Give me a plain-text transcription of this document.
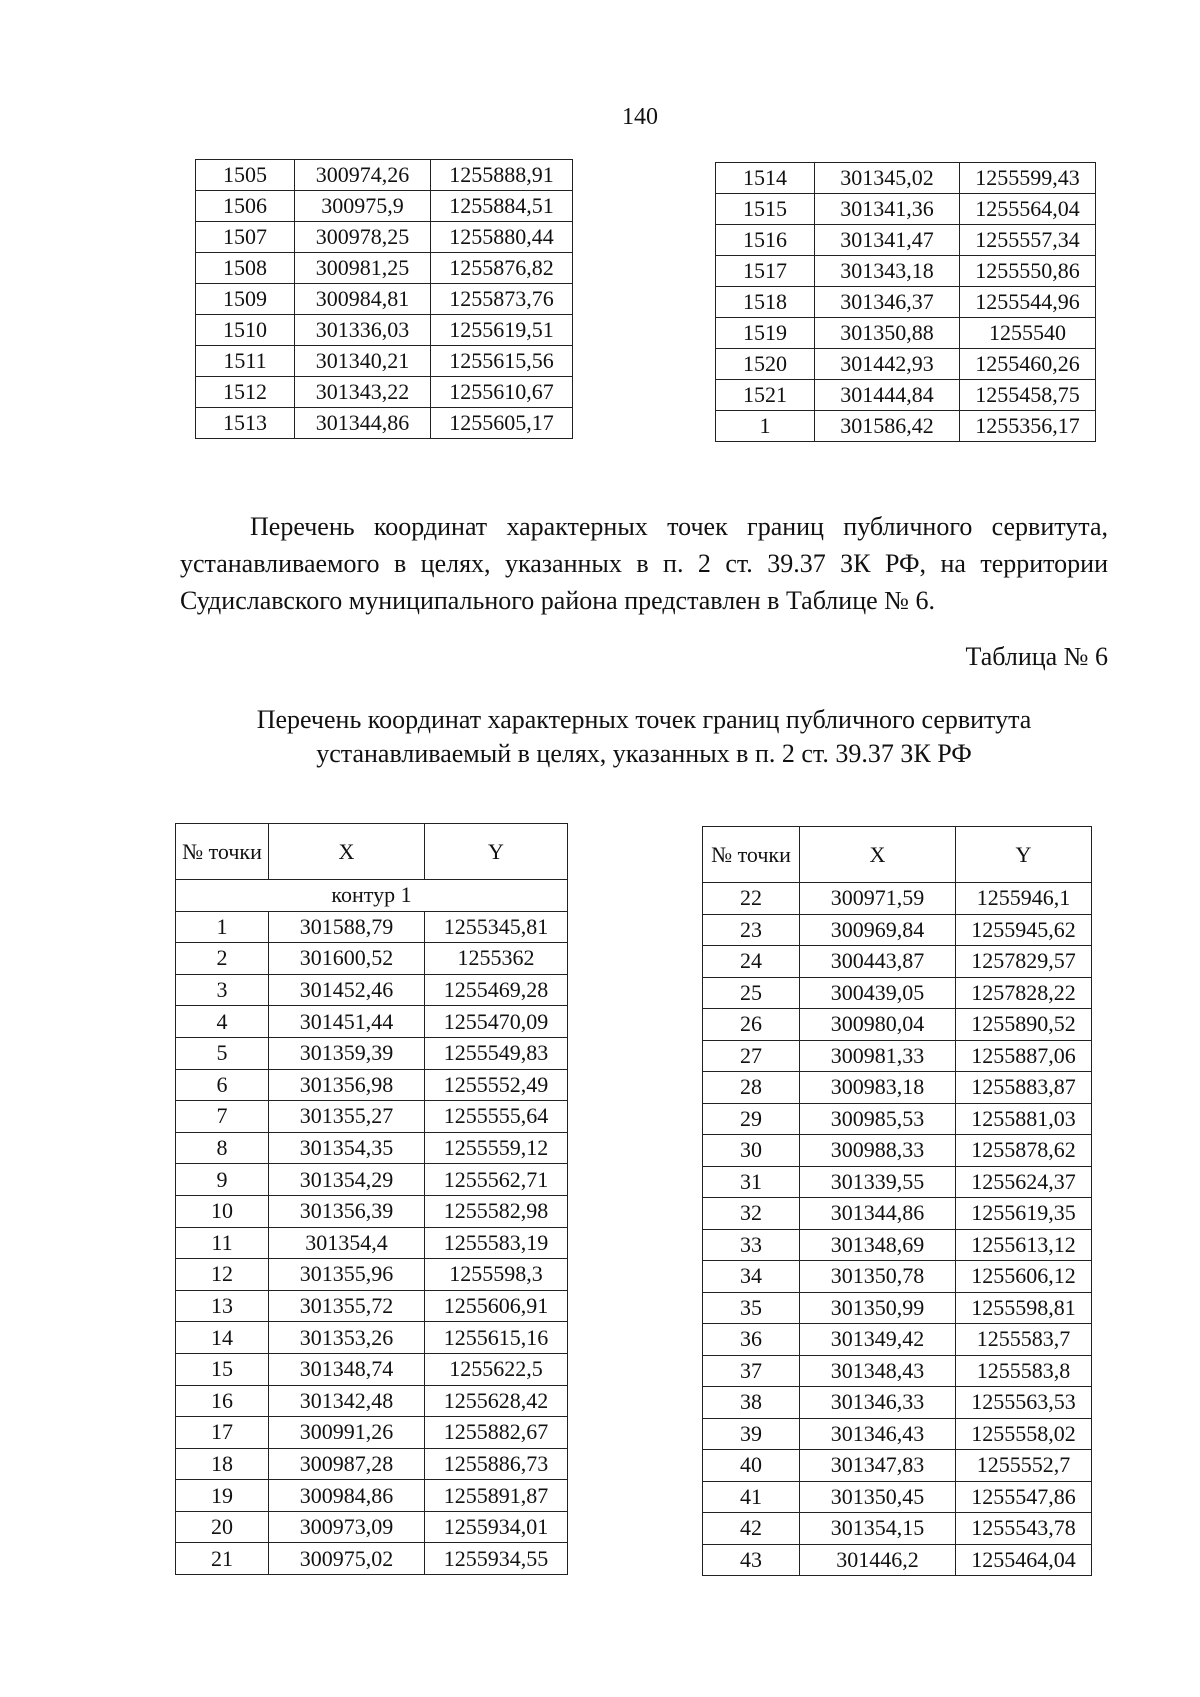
140
1505	300974,26	1255888,91
1506	300975,9	1255884,51
1507	300978,25	1255880,44
1508	300981,25	1255876,82
1509	300984,81	1255873,76
1510	301336,03	1255619,51
1511	301340,21	1255615,56
1512	301343,22	1255610,67
1513	301344,86	1255605,17
1514	301345,02	1255599,43
1515	301341,36	1255564,04
1516	301341,47	1255557,34
1517	301343,18	1255550,86
1518	301346,37	1255544,96
1519	301350,88	1255540
1520	301442,93	1255460,26
1521	301444,84	1255458,75
1	301586,42	1255356,17
Перечень координат характерных точек границ публичного сервитута, устанавливаемого в целях, указанных в п. 2 ст. 39.37 ЗК РФ, на территории Судиславского муниципального района представлен в Таблице № 6.
Таблица № 6
Перечень координат характерных точек границ публичного сервитута
устанавливаемый в целях, указанных в п. 2 ст. 39.37 ЗК РФ
№ точки	X	Y
контур 1		
1	301588,79	1255345,81
2	301600,52	1255362
3	301452,46	1255469,28
4	301451,44	1255470,09
5	301359,39	1255549,83
6	301356,98	1255552,49
7	301355,27	1255555,64
8	301354,35	1255559,12
9	301354,29	1255562,71
10	301356,39	1255582,98
11	301354,4	1255583,19
12	301355,96	1255598,3
13	301355,72	1255606,91
14	301353,26	1255615,16
15	301348,74	1255622,5
16	301342,48	1255628,42
17	300991,26	1255882,67
18	300987,28	1255886,73
19	300984,86	1255891,87
20	300973,09	1255934,01
21	300975,02	1255934,55
№ точки	X	Y
22	300971,59	1255946,1
23	300969,84	1255945,62
24	300443,87	1257829,57
25	300439,05	1257828,22
26	300980,04	1255890,52
27	300981,33	1255887,06
28	300983,18	1255883,87
29	300985,53	1255881,03
30	300988,33	1255878,62
31	301339,55	1255624,37
32	301344,86	1255619,35
33	301348,69	1255613,12
34	301350,78	1255606,12
35	301350,99	1255598,81
36	301349,42	1255583,7
37	301348,43	1255583,8
38	301346,33	1255563,53
39	301346,43	1255558,02
40	301347,83	1255552,7
41	301350,45	1255547,86
42	301354,15	1255543,78
43	301446,2	1255464,04
